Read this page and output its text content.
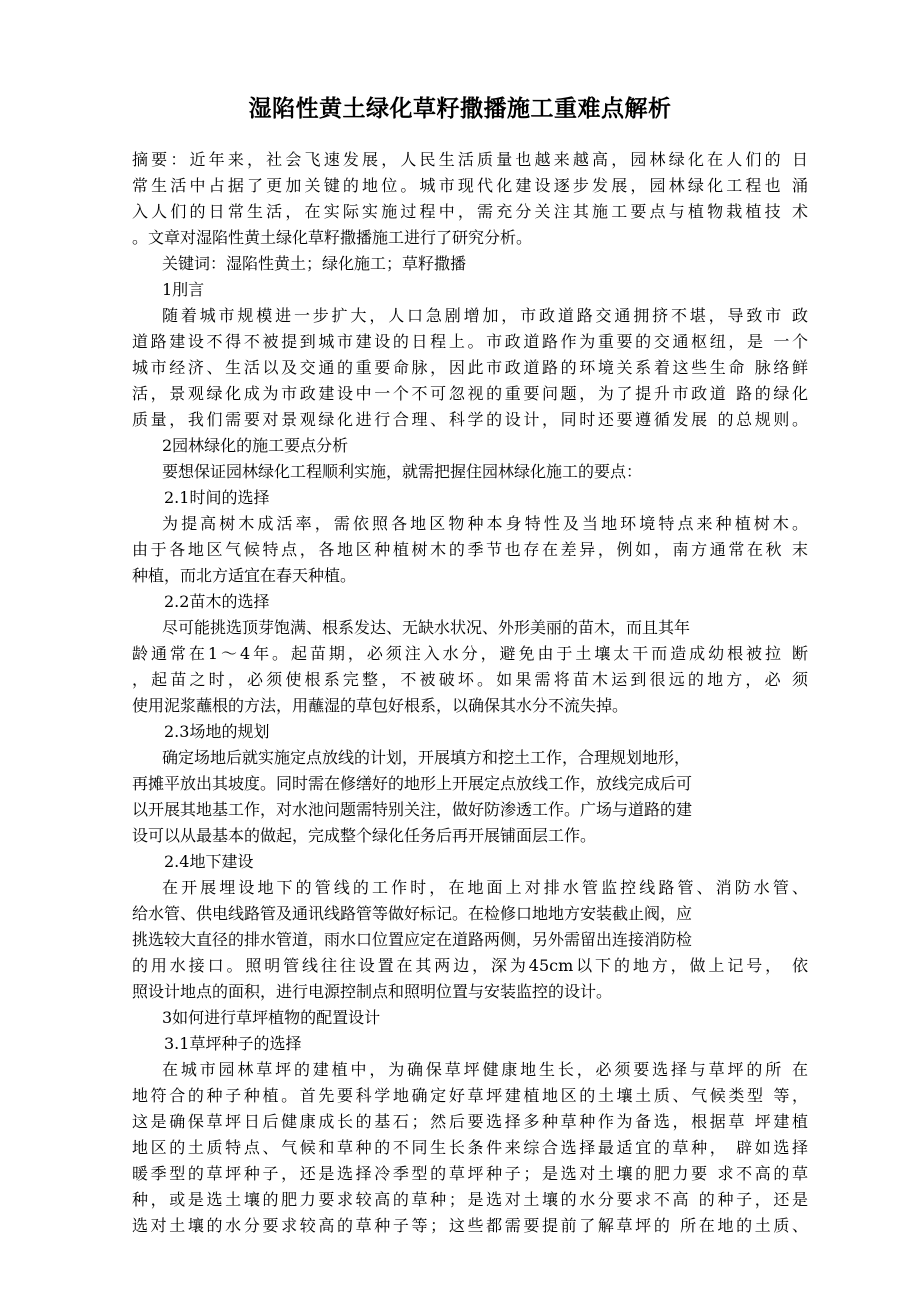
湿陷性黄土绿化草籽撒播施工重难点解析
摘要：近年来，社会飞速发展，人民生活质量也越来越高，园林绿化在人们的 日
常生活中占据了更加关键的地位。城市现代化建设逐步发展，园林绿化工程也 涌
入人们的日常生活，在实际实施过程中，需充分关注其施工要点与植物栽植技 术
。文章对湿陷性黄土绿化草籽撒播施工进行了研究分析。
关键词：湿陷性黄土；绿化施工；草籽撒播
1刖言
随着城市规模进一步扩大，人口急剧增加，市政道路交通拥挤不堪，导致市 政
道路建设不得不被提到城市建设的日程上。市政道路作为重要的交通枢纽，是 一个
城市经济、生活以及交通的重要命脉，因此市政道路的环境关系着这些生命 脉络鲜
活，景观绿化成为市政建设中一个不可忽视的重要问题，为了提升市政道 路的绿化
质量，我们需要对景观绿化进行合理、科学的设计，同时还要遵循发展 的总规则。
2园林绿化的施工要点分析
要想保证园林绿化工程顺利实施，就需把握住园林绿化施工的要点：
2.1时间的选择
为提高树木成活率，需依照各地区物种本身特性及当地环境特点来种植树木。
由于各地区气候特点，各地区种植树木的季节也存在差异，例如，南方通常在秋 末
种植，而北方适宜在春天种植。
2.2苗木的选择
尽可能挑选顶芽饱满、根系发达、无缺水状况、外形美丽的苗木，而且其年
龄通常在1〜4年。起苗期，必须注入水分，避免由于土壤太干而造成幼根被拉 断
，起苗之时，必须使根系完整，不被破坏。如果需将苗木运到很远的地方，必 须
使用泥浆蘸根的方法，用蘸湿的草包好根系，以确保其水分不流失掉。
2.3场地的规划
确定场地后就实施定点放线的计划，开展填方和挖土工作，合理规划地形，
再摊平放出其坡度。同时需在修缮好的地形上开展定点放线工作，放线完成后可
以开展其地基工作，对水池问题需特别关注，做好防渗透工作。广场与道路的建
设可以从最基本的做起，完成整个绿化任务后再开展铺面层工作。
2.4地下建设
在开展埋设地下的管线的工作时，在地面上对排水管监控线路管、消防水管、
给水管、供电线路管及通讯线路管等做好标记。在检修口地地方安装截止阀，应
挑选较大直径的排水管道，雨水口位置应定在道路两侧，另外需留出连接消防检
的用水接口。照明管线往往设置在其两边，深为45cm以下的地方，做上记号， 依
照设计地点的面积，进行电源控制点和照明位置与安装监控的设计。
3如何进行草坪植物的配置设计
3.1草坪种子的选择
在城市园林草坪的建植中，为确保草坪健康地生长，必须要选择与草坪的所 在
地符合的种子种植。首先要科学地确定好草坪建植地区的土壤土质、气候类型 等，
这是确保草坪日后健康成长的基石；然后要选择多种草种作为备选，根据草 坪建植
地区的土质特点、气候和草种的不同生长条件来综合选择最适宜的草种， 辟如选择
暖季型的草坪种子，还是选择冷季型的草坪种子；是选对土壤的肥力要 求不高的草
种，或是选土壤的肥力要求较高的草种；是选对土壤的水分要求不高 的种子，还是
选对土壤的水分要求较高的草种子等；这些都需要提前了解草坪的 所在地的土质、
